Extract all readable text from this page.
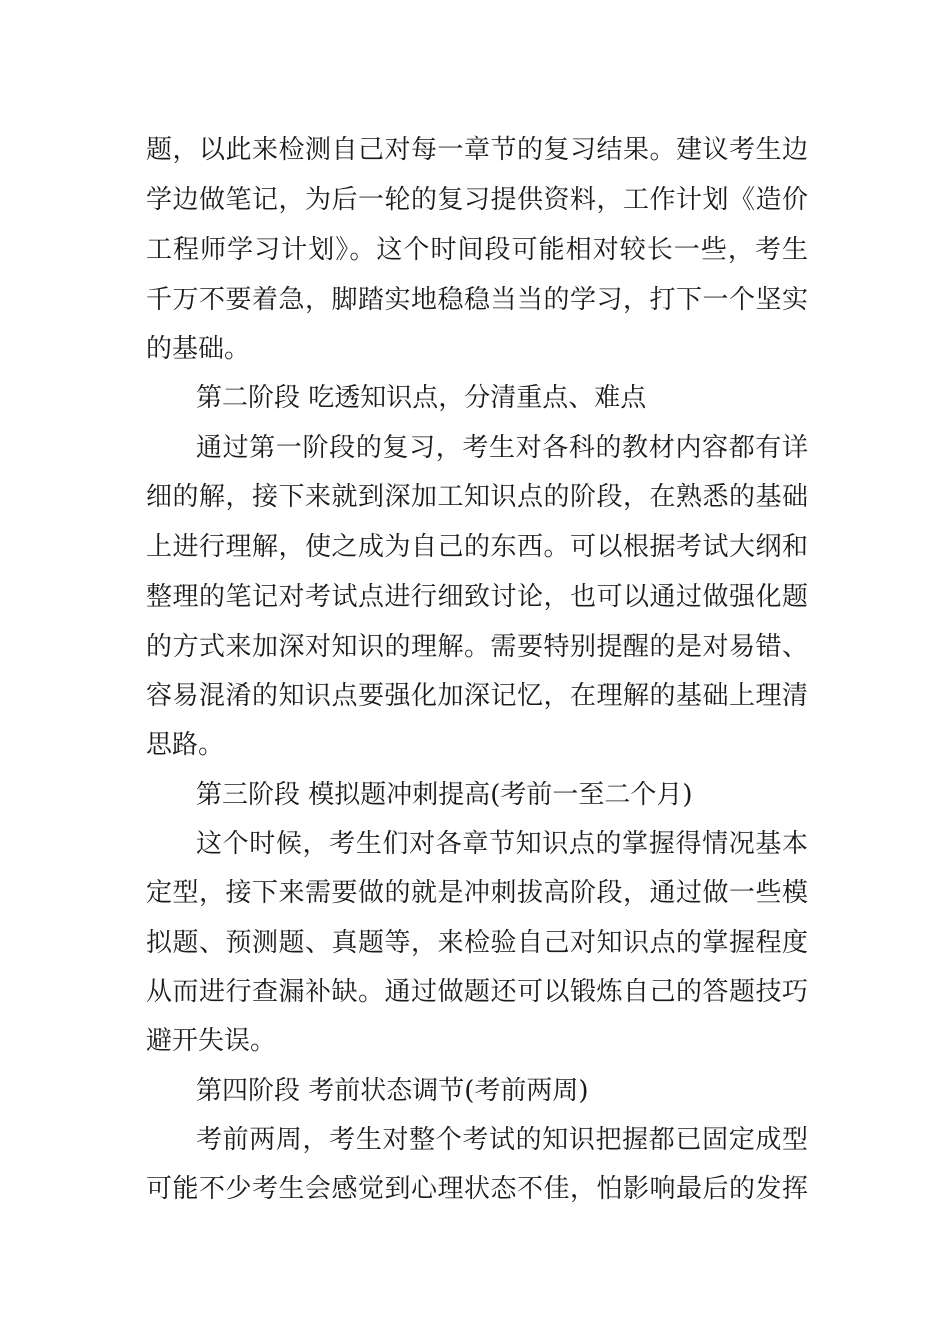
题，以此来检测自己对每一章节的复习结果。建议考生边
学边做笔记，为后一轮的复习提供资料，工作计划《造价
工程师学习计划》。这个时间段可能相对较长一些，考生
千万不要着急，脚踏实地稳稳当当的学习，打下一个坚实
的基础。
第二阶段 吃透知识点，分清重点、难点
通过第一阶段的复习，考生对各科的教材内容都有详
细的解，接下来就到深加工知识点的阶段，在熟悉的基础
上进行理解，使之成为自己的东西。可以根据考试大纲和
整理的笔记对考试点进行细致讨论，也可以通过做强化题
的方式来加深对知识的理解。需要特别提醒的是对易错、
容易混淆的知识点要强化加深记忆，在理解的基础上理清
思路。
第三阶段 模拟题冲刺提高(考前一至二个月)
这个时候，考生们对各章节知识点的掌握得情况基本
定型，接下来需要做的就是冲刺拔高阶段，通过做一些模
拟题、预测题、真题等，来检验自己对知识点的掌握程度
从而进行查漏补缺。通过做题还可以锻炼自己的答题技巧
避开失误。
第四阶段 考前状态调节(考前两周)
考前两周，考生对整个考试的知识把握都已固定成型
可能不少考生会感觉到心理状态不佳，怕影响最后的发挥
